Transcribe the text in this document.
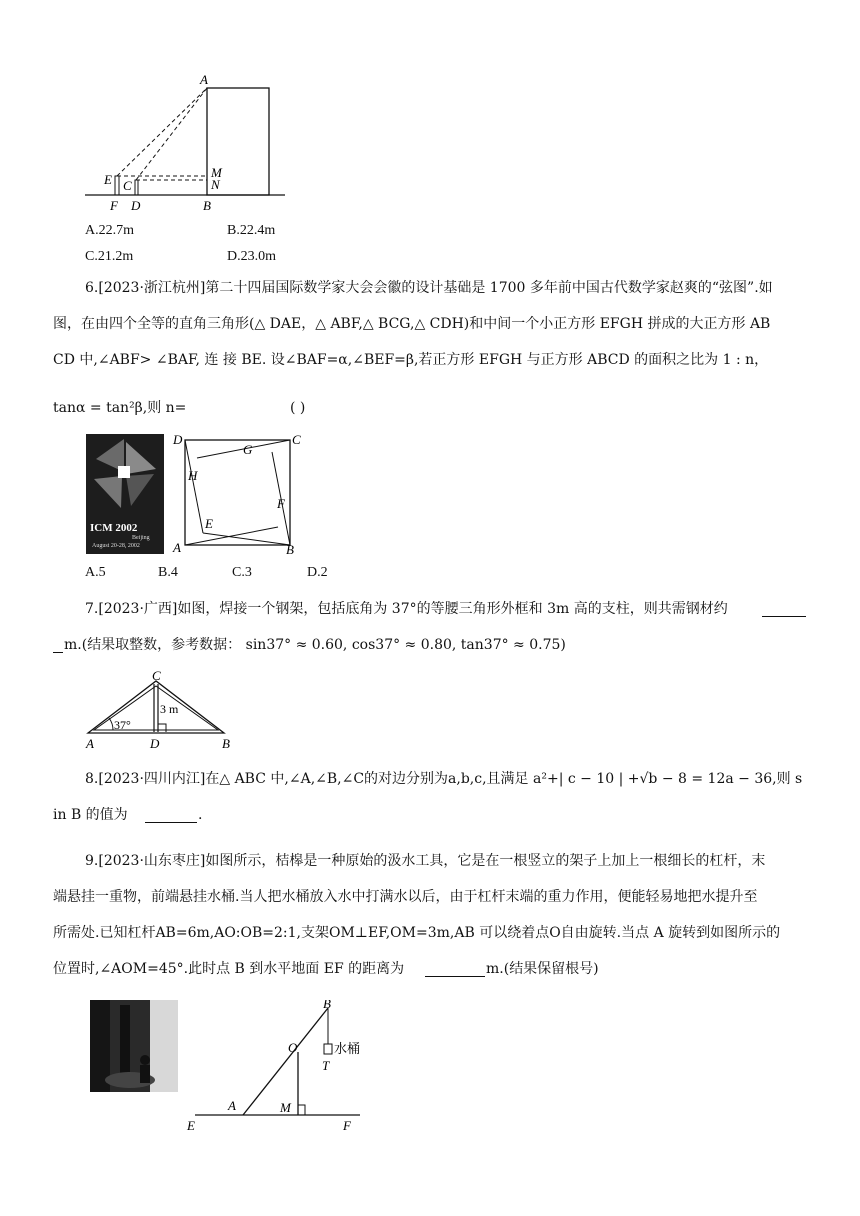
A
M
N
E C
F D	B
A.22.7m	B.22.4m
C.21.2m	D.23.0m
6.[2023·浙江杭州]第二十四届国际数学家大会会徽的设计基础是 1700 多年前中国古代数学家赵爽的“弦图”.如
图，在由四个全等的直角三角形(△ DAE，△ ABF,△ BCG,△ CDH)和中间一个小正方形 EFGH 拼成的大正方形 AB
CD 中,∠ABF> ∠BAF, 连 接 BE. 设∠BAF=α,∠BEF=β,若正方形 EFGH 与正方形 ABCD 的面积之比为 1 : n，
tanα = tan²β,则 n=	( )
ICM 2002
Beijing
August 20-28, 2002
D	C
G
H
F
E
A	B
A.5	B.4	C.3	D.2
7.[2023·广西]如图，焊接一个钢架，包括底角为 37°的等腰三角形外框和 3m 高的支柱，则共需钢材约
m.(结果取整数，参考数据： sin37° ≈ 0.60, cos37° ≈ 0.80, tan37° ≈ 0.75)
C
A	D	B
37°
3 m
8.[2023·四川内江]在△ ABC 中,∠A,∠B,∠C的对边分别为a,b,c,且满足 a²+| c − 10 | +√b − 8 = 12a − 36,则 s
in B 的值为	.
9.[2023·山东枣庄]如图所示，桔槔是一种原始的汲水工具，它是在一根竖立的架子上加上一根细长的杠杆，末
端悬挂一重物，前端悬挂水桶.当人把水桶放入水中打满水以后，由于杠杆末端的重力作用，便能轻易地把水提升至
所需处.已知杠杆AB=6m,AO:OB=2:1,支架OM⊥EF,OM=3m,AB 可以绕着点O自由旋转.当点 A 旋转到如图所示的
位置时,∠AOM=45°.此时点 B 到水平地面 EF 的距离为	m.(结果保留根号)
B
O
T
水桶
A	M
E	F
